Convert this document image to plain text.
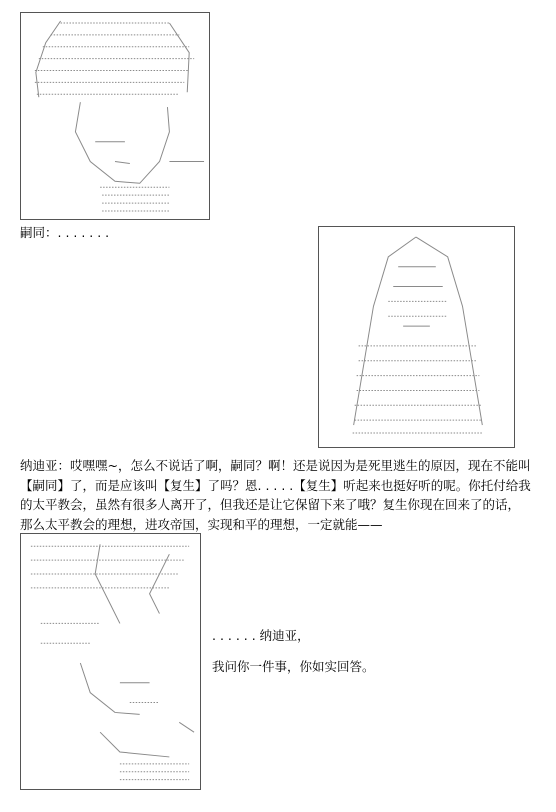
嗣同：. . . . . . .
纳迪亚：哎嘿嘿~，怎么不说话了啊，嗣同？啊！还是说因为是死里逃生的原因，现在不能叫
【嗣同】了，而是应该叫【复生】了吗？恩. . . . .【复生】听起来也挺好听的呢。你托付给我
的太平教会，虽然有很多人离开了，但我还是让它保留下来了哦？复生你现在回来了的话，
那么太平教会的理想，进攻帝国，实现和平的理想，一定就能——
. . . . . . 纳迪亚，
我问你一件事，你如实回答。
